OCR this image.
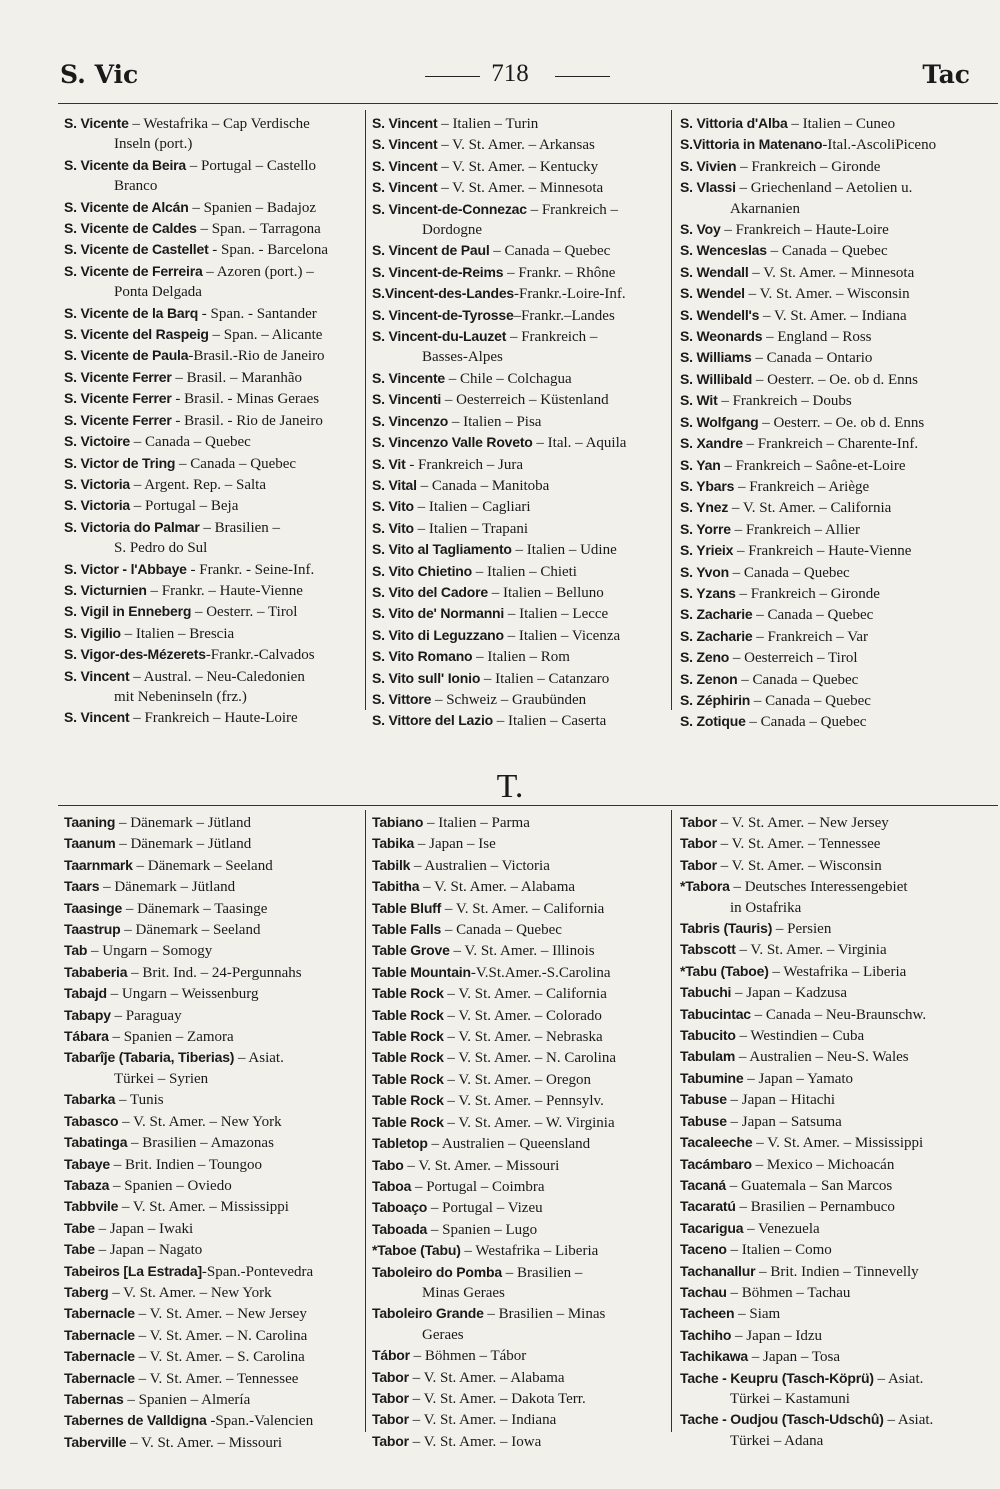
S. Vic	718	Tac
S. Vicente – Westafrika – Cap Verdische
Inseln (port.)
S. Vicente da Beira – Portugal – Castello
Branco
S. Vicente de Alcán – Spanien – Badajoz
S. Vicente de Caldes – Span. – Tarragona
S. Vicente de Castellet - Span. - Barcelona
S. Vicente de Ferreira – Azoren (port.) –
Ponta Delgada
S. Vicente de la Barq - Span. - Santander
S. Vicente del Raspeig – Span. – Alicante
S. Vicente de Paula-Brasil.-Rio de Janeiro
S. Vicente Ferrer – Brasil. – Maranhão
S. Vicente Ferrer - Brasil. - Minas Geraes
S. Vicente Ferrer - Brasil. - Rio de Janeiro
S. Victoire – Canada – Quebec
S. Victor de Tring – Canada – Quebec
S. Victoria – Argent. Rep. – Salta
S. Victoria – Portugal – Beja
S. Victoria do Palmar – Brasilien –
S. Pedro do Sul
S. Victor - l'Abbaye - Frankr. - Seine-Inf.
S. Victurnien – Frankr. – Haute-Vienne
S. Vigil in Enneberg – Oesterr. – Tirol
S. Vigilio – Italien – Brescia
S. Vigor-des-Mézerets-Frankr.-Calvados
S. Vincent – Austral. – Neu-Caledonien
mit Nebeninseln (frz.)
S. Vincent – Frankreich – Haute-Loire
S. Vincent – Italien – Turin
S. Vincent – V. St. Amer. – Arkansas
S. Vincent – V. St. Amer. – Kentucky
S. Vincent – V. St. Amer. – Minnesota
S. Vincent-de-Connezac – Frankreich –
Dordogne
S. Vincent de Paul – Canada – Quebec
S. Vincent-de-Reims – Frankr. – Rhône
S.Vincent-des-Landes-Frankr.-Loire-Inf.
S. Vincent-de-Tyrosse–Frankr.–Landes
S. Vincent-du-Lauzet – Frankreich –
Basses-Alpes
S. Vincente – Chile – Colchagua
S. Vincenti – Oesterreich – Küstenland
S. Vincenzo – Italien – Pisa
S. Vincenzo Valle Roveto – Ital. – Aquila
S. Vit - Frankreich – Jura
S. Vital – Canada – Manitoba
S. Vito – Italien – Cagliari
S. Vito – Italien – Trapani
S. Vito al Tagliamento – Italien – Udine
S. Vito Chietino – Italien – Chieti
S. Vito del Cadore – Italien – Belluno
S. Vito de' Normanni – Italien – Lecce
S. Vito di Leguzzano – Italien – Vicenza
S. Vito Romano – Italien – Rom
S. Vito sull' Ionio – Italien – Catanzaro
S. Vittore – Schweiz – Graubünden
S. Vittore del Lazio – Italien – Caserta
S. Vittoria d'Alba – Italien – Cuneo
S.Vittoria in Matenano-Ital.-AscoliPiceno
S. Vivien – Frankreich – Gironde
S. Vlassi – Griechenland – Aetolien u.
Akarnanien
S. Voy – Frankreich – Haute-Loire
S. Wenceslas – Canada – Quebec
S. Wendall – V. St. Amer. – Minnesota
S. Wendel – V. St. Amer. – Wisconsin
S. Wendell's – V. St. Amer. – Indiana
S. Weonards – England – Ross
S. Williams – Canada – Ontario
S. Willibald – Oesterr. – Oe. ob d. Enns
S. Wit – Frankreich – Doubs
S. Wolfgang – Oesterr. – Oe. ob d. Enns
S. Xandre – Frankreich – Charente-Inf.
S. Yan – Frankreich – Saône-et-Loire
S. Ybars – Frankreich – Ariège
S. Ynez – V. St. Amer. – California
S. Yorre – Frankreich – Allier
S. Yrieix – Frankreich – Haute-Vienne
S. Yvon – Canada – Quebec
S. Yzans – Frankreich – Gironde
S. Zacharie – Canada – Quebec
S. Zacharie – Frankreich – Var
S. Zeno – Oesterreich – Tirol
S. Zenon – Canada – Quebec
S. Zéphirin – Canada – Quebec
S. Zotique – Canada – Quebec
T.
Taaning – Dänemark – Jütland
Taanum – Dänemark – Jütland
Taarnmark – Dänemark – Seeland
Taars – Dänemark – Jütland
Taasinge – Dänemark – Taasinge
Taastrup – Dänemark – Seeland
Tab – Ungarn – Somogy
Tababeria – Brit. Ind. – 24-Pergunnahs
Tabajd – Ungarn – Weissenburg
Tabapy – Paraguay
Tábara – Spanien – Zamora
Tabarîje (Tabaria, Tiberias) – Asiat.
Türkei – Syrien
Tabarka – Tunis
Tabasco – V. St. Amer. – New York
Tabatinga – Brasilien – Amazonas
Tabaye – Brit. Indien – Toungoo
Tabaza – Spanien – Oviedo
Tabbvile – V. St. Amer. – Mississippi
Tabe – Japan – Iwaki
Tabe – Japan – Nagato
Tabeiros [La Estrada]-Span.-Pontevedra
Taberg – V. St. Amer. – New York
Tabernacle – V. St. Amer. – New Jersey
Tabernacle – V. St. Amer. – N. Carolina
Tabernacle – V. St. Amer. – S. Carolina
Tabernacle – V. St. Amer. – Tennessee
Tabernas – Spanien – Almería
Tabernes de Valldigna -Span.-Valencien
Taberville – V. St. Amer. – Missouri
Tabiano – Italien – Parma
Tabika – Japan – Ise
Tabilk – Australien – Victoria
Tabitha – V. St. Amer. – Alabama
Table Bluff – V. St. Amer. – California
Table Falls – Canada – Quebec
Table Grove – V. St. Amer. – Illinois
Table Mountain-V.St.Amer.-S.Carolina
Table Rock – V. St. Amer. – California
Table Rock – V. St. Amer. – Colorado
Table Rock – V. St. Amer. – Nebraska
Table Rock – V. St. Amer. – N. Carolina
Table Rock – V. St. Amer. – Oregon
Table Rock – V. St. Amer. – Pennsylv.
Table Rock – V. St. Amer. – W. Virginia
Tabletop – Australien – Queensland
Tabo – V. St. Amer. – Missouri
Taboa – Portugal – Coimbra
Taboaço – Portugal – Vizeu
Taboada – Spanien – Lugo
*Taboe (Tabu) – Westafrika – Liberia
Taboleiro do Pomba – Brasilien –
Minas Geraes
Taboleiro Grande – Brasilien – Minas
Geraes
Tábor – Böhmen – Tábor
Tabor – V. St. Amer. – Alabama
Tabor – V. St. Amer. – Dakota Terr.
Tabor – V. St. Amer. – Indiana
Tabor – V. St. Amer. – Iowa
Tabor – V. St. Amer. – New Jersey
Tabor – V. St. Amer. – Tennessee
Tabor – V. St. Amer. – Wisconsin
*Tabora – Deutsches Interessengebiet
in Ostafrika
Tabris (Tauris) – Persien
Tabscott – V. St. Amer. – Virginia
*Tabu (Taboe) – Westafrika – Liberia
Tabuchi – Japan – Kadzusa
Tabucintac – Canada – Neu-Braunschw.
Tabucito – Westindien – Cuba
Tabulam – Australien – Neu-S. Wales
Tabumine – Japan – Yamato
Tabuse – Japan – Hitachi
Tabuse – Japan – Satsuma
Tacaleeche – V. St. Amer. – Mississippi
Tacámbaro – Mexico – Michoacán
Tacaná – Guatemala – San Marcos
Tacaratú – Brasilien – Pernambuco
Tacarigua – Venezuela
Taceno – Italien – Como
Tachanallur – Brit. Indien – Tinnevelly
Tachau – Böhmen – Tachau
Tacheen – Siam
Tachiho – Japan – Idzu
Tachikawa – Japan – Tosa
Tache - Keupru (Tasch-Köprü) – Asiat.
Türkei – Kastamuni
Tache - Oudjou (Tasch-Udschû) – Asiat.
Türkei – Adana
